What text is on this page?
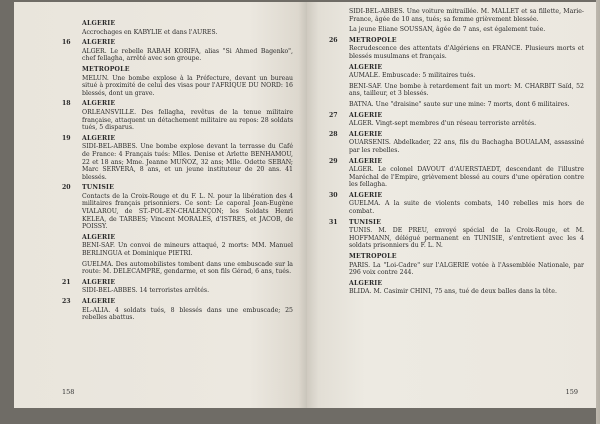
ALGERIE
Accrochages en KABYLIE et dans l'AURES.
16	ALGERIE
ALGER. Le rebelle RABAH KORIFA, alias "Si Ahmed Bagenko", chef fellagha, arrêté avec son groupe.
METROPOLE
MELUN. Une bombe explose à la Préfecture, devant un bureau situé à proximité de celui des visas pour l'AFRIQUE DU NORD: 16 blessés, dont un grave.
18	ALGERIE
ORLEANSVILLE. Des fellagha, revêtus de la tenue militaire française, attaquent un détachement militaire au repos: 28 soldats tués, 5 disparus.
19	ALGERIE
SIDI-BEL-ABBES. Une bombe explose devant la terrasse du Café de France: 4 Français tués: Mlles. Denise et Arlette BENHAMOU, 22 et 18 ans; Mme. Jeanne MUÑOZ, 32 ans; Mlle. Odette SEBAN; Marc SERVERA, 8 ans, et un jeune instituteur de 20 ans. 41 blessés.
20	TUNISIE
Contacts de la Croix-Rouge et du F. L. N. pour la libération des 4 militaires français prisonniers. Ce sont: Le caporal Jean-Eugène VIALAROU, de ST.-POL-EN-CHALENÇON; les Soldats Henri KELEA, de TARBES; Vincent MORALES, d'ISTRES, et JACOB, de POISSY.
ALGERIE
BENI-SAF. Un convoi de mineurs attaqué, 2 morts: MM. Manuel BERLINGUA et Dominique PIETRI.
GUELMA. Des automobilistes tombent dans une embuscade sur la route: M. DELECAMPRE, gendarme, et son fils Gérad, 6 ans, tués.
21	ALGERIE
SIDI-BEL-ABBES. 14 terroristes arrêtés.
23	ALGERIE
EL-ALIA. 4 soldats tués, 8 blessés dans une embuscade; 25 rebelles abattus.
158
SIDI-BEL-ABBES. Une voiture mitraillée. M. MALLET et sa fillette, Marie-France, âgée de 10 ans, tués; sa femme grièvement blessée.
La jeune Eliane SOUSSAN, âgée de 7 ans, est également tuée.
26	METROPOLE
Recrudescence des attentats d'Algériens en FRANCE. Plusieurs morts et blessés musulmans et français.
ALGERIE
AUMALE. Embuscade: 5 militaires tués.
BENI-SAF. Une bombe à retardement fait un mort: M. CHARBIT Saïd, 52 ans, tailleur, et 3 blessés.
BATNA. Une "draisine" saute sur une mine: 7 morts, dont 6 militaires.
27	ALGERIE
ALGER. Vingt-sept membres d'un réseau terroriste arrêtés.
28	ALGERIE
OUARSENIS. Abdelkader, 22 ans, fils du Bachagha BOUALAM, assassiné par les rebelles.
29	ALGERIE
ALGER. Le colonel DAVOUT d'AUERSTAEDT, descendant de l'illustre Maréchal de l'Empire, grièvement blessé au cours d'une opération contre les fellagha.
30	ALGERIE
GUELMA. A la suite de violents combats, 140 rebelles mis hors de combat.
31	TUNISIE
TUNIS. M. DE PREU, envoyé spécial de la Croix-Rouge, et M. HOFFMANN, délégué permanent en TUNISIE, s'entretient avec les 4 soldats prisonniers du F. L. N.
METROPOLE
PARIS. La "Loi-Cadre" sur l'ALGERIE votée à l'Assemblée Nationale, par 296 voix contre 244.
ALGERIE
BLIDA. M. Casimir CHINI, 75 ans, tué de deux balles dans la tête.
159
